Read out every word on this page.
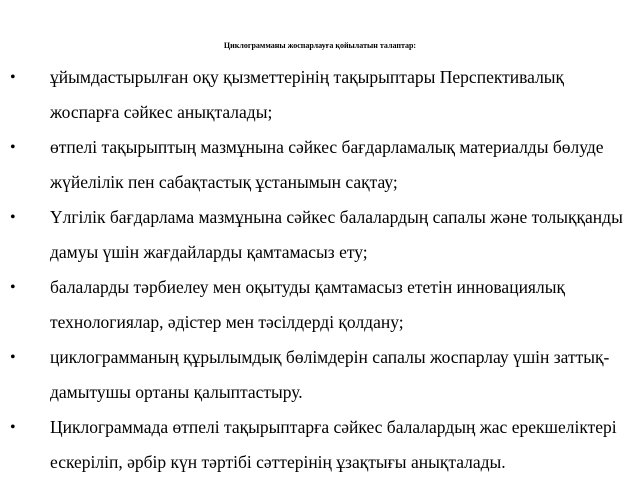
Циклограмманы жоспарлауға қойылатын талаптар:
• ұйымдастырылған оқу қызметтерінің тақырыптары Перспективалық
жоспарға сәйкес анықталады;
• өтпелі тақырыптың мазмұнына сәйкес бағдарламалық материалды бөлуде
жүйелілік пен сабақтастық ұстанымын сақтау;
• Үлгілік бағдарлама мазмұнына сәйкес балалардың сапалы және толыққанды
дамуы үшін жағдайларды қамтамасыз ету;
• балаларды тәрбиелеу мен оқытуды қамтамасыз ететін инновациялық
технологиялар, әдістер мен тәсілдерді қолдану;
• циклограмманың құрылымдық бөлімдерін сапалы жоспарлау үшін заттық-
дамытушы ортаны қалыптастыру.
• Циклограммада өтпелі тақырыптарға сәйкес балалардың жас ерекшеліктері
ескеріліп, әрбір күн тәртібі сәттерінің ұзақтығы анықталады.
